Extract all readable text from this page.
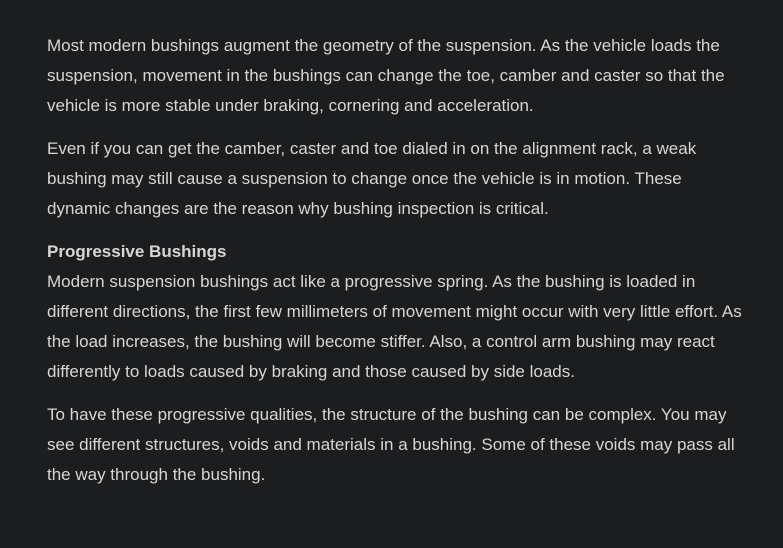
Most modern bushings augment the geometry of the suspension. As the vehicle loads the suspension, movement in the bushings can change the toe, camber and caster so that the vehicle is more stable under braking, cornering and acceleration.

Even if you can get the camber, caster and toe dialed in on the alignment rack, a weak bushing may still cause a suspension to change once the vehicle is in motion. These dynamic changes are the reason why bushing inspection is critical.

Progressive Bushings

Modern suspension bushings act like a progressive spring. As the bushing is loaded in different directions, the first few millimeters of movement might occur with very little effort. As the load increases, the bushing will become stiffer. Also, a control arm bushing may react differently to loads caused by braking and those caused by side loads.

To have these progressive qualities, the structure of the bushing can be complex. You may see different structures, voids and materials in a bushing. Some of these voids may pass all the way through the bushing.
